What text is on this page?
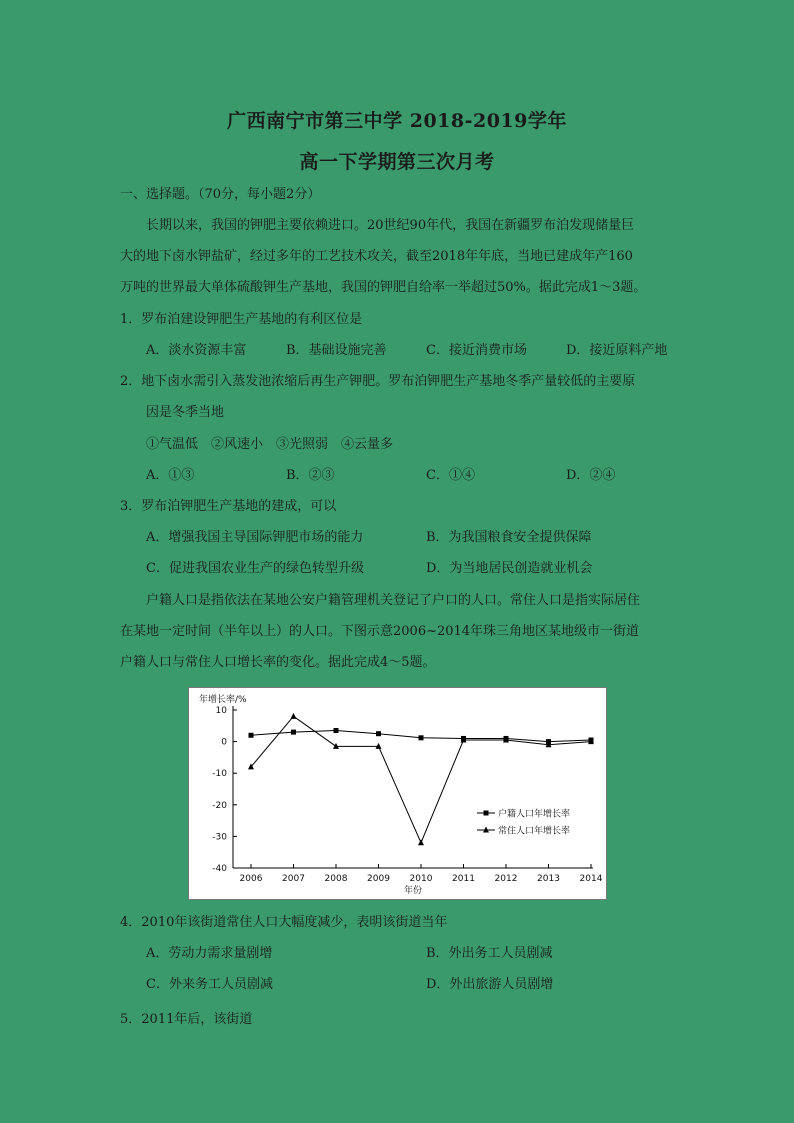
广西南宁市第三中学 2018-2019学年
高一下学期第三次月考
一、选择题。（70分，每小题2分）
长期以来，我国的钾肥主要依赖进口。20世纪90年代，我国在新疆罗布泊发现储量巨
大的地下卤水钾盐矿，经过多年的工艺技术攻关，截至2018年年底，当地已建成年产160
万吨的世界最大单体硫酸钾生产基地，我国的钾肥自给率一举超过50%。据此完成1～3题。
1．罗布泊建设钾肥生产基地的有利区位是
A．淡水资源丰富	B．基础设施完善	C．接近消费市场	D．接近原料产地
2．地下卤水需引入蒸发池浓缩后再生产钾肥。罗布泊钾肥生产基地冬季产量较低的主要原
因是冬季当地
①气温低　②风速小　③光照弱　④云量多
A．①③	B．②③	C．①④	D．②④
3．罗布泊钾肥生产基地的建成，可以
A．增强我国主导国际钾肥市场的能力	B．为我国粮食安全提供保障
C．促进我国农业生产的绿色转型升级	D．为当地居民创造就业机会
户籍人口是指依法在某地公安户籍管理机关登记了户口的人口。常住人口是指实际居住
在某地一定时间（半年以上）的人口。下图示意2006~2014年珠三角地区某地级市一街道
户籍人口与常住人口增长率的变化。据此完成4～5题。
年增长率/%
10
0
-10
-20
-30
-40
2006 2007 2008 2009 2010 2011 2012 2013 2014
年份
户籍人口年增长率
常住人口年增长率
4．2010年该街道常住人口大幅度减少，表明该街道当年
A．劳动力需求量剧增	B．外出务工人员剧减
C．外来务工人员剧减	D．外出旅游人员剧增
5．2011年后，该街道
